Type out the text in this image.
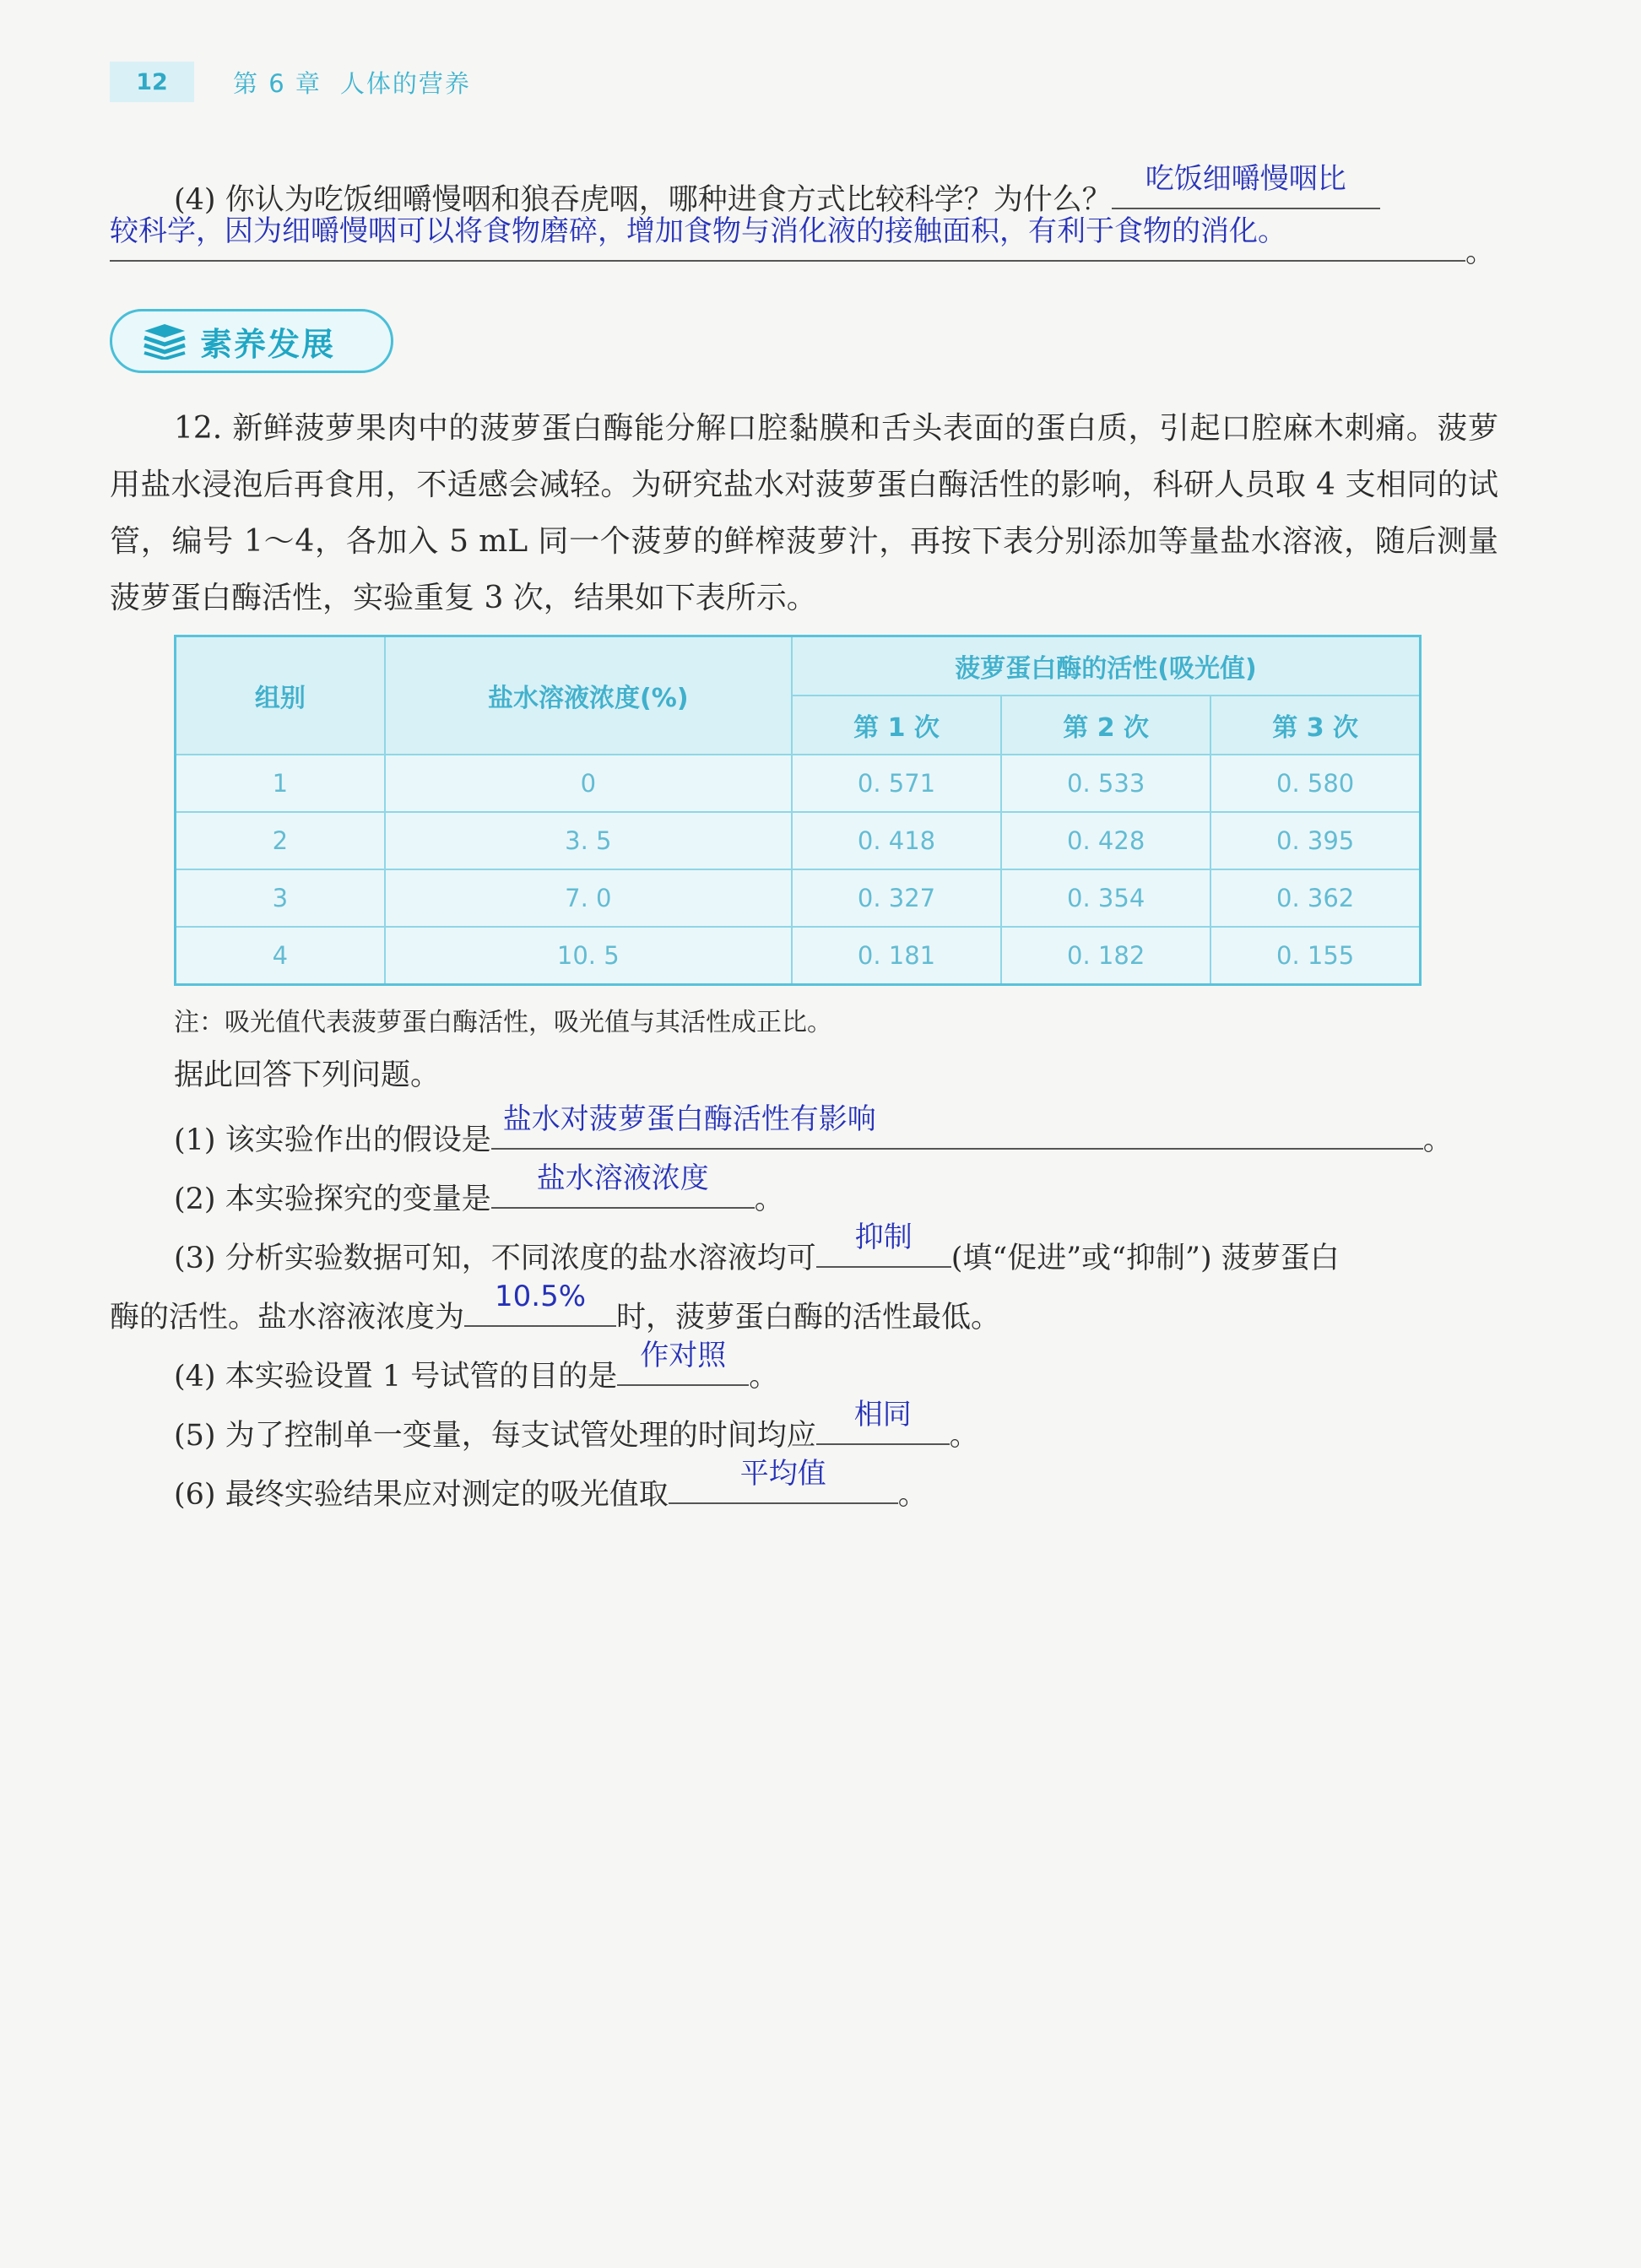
12	第 6 章 人体的营养
(4) 你认为吃饭细嚼慢咽和狼吞虎咽，哪种进食方式比较科学？为什么？
吃饭细嚼慢咽比
较科学，因为细嚼慢咽可以将食物磨碎，增加食物与消化液的接触面积，有利于食物的消化。
。
素养发展
12. 新鲜菠萝果肉中的菠萝蛋白酶能分解口腔黏膜和舌头表面的蛋白质，引起口腔麻木刺痛。菠萝用盐水浸泡后再食用，不适感会减轻。为研究盐水对菠萝蛋白酶活性的影响，科研人员取 4 支相同的试管，编号 1～4，各加入 5 mL 同一个菠萝的鲜榨菠萝汁，再按下表分别添加等量盐水溶液，随后测量菠萝蛋白酶活性，实验重复 3 次，结果如下表所示。
组别	盐水溶液浓度(%)	菠萝蛋白酶的活性(吸光值)		
		第 1 次	第 2 次	第 3 次
1	0	0. 571	0. 533	0. 580
2	3. 5	0. 418	0. 428	0. 395
3	7. 0	0. 327	0. 354	0. 362
4	10. 5	0. 181	0. 182	0. 155
注：吸光值代表菠萝蛋白酶活性，吸光值与其活性成正比。
据此回答下列问题。
(1) 该实验作出的假设是
盐水对菠萝蛋白酶活性有影响
。
(2) 本实验探究的变量是
盐水溶液浓度
。
(3) 分析实验数据可知，不同浓度的盐水溶液均可
抑制
(填“促进”或“抑制”) 菠萝蛋白
酶的活性。盐水溶液浓度为
10.5%
时，菠萝蛋白酶的活性最低。
(4) 本实验设置 1 号试管的目的是
作对照
。
(5) 为了控制单一变量，每支试管处理的时间均应
相同
。
(6) 最终实验结果应对测定的吸光值取
平均值
。
